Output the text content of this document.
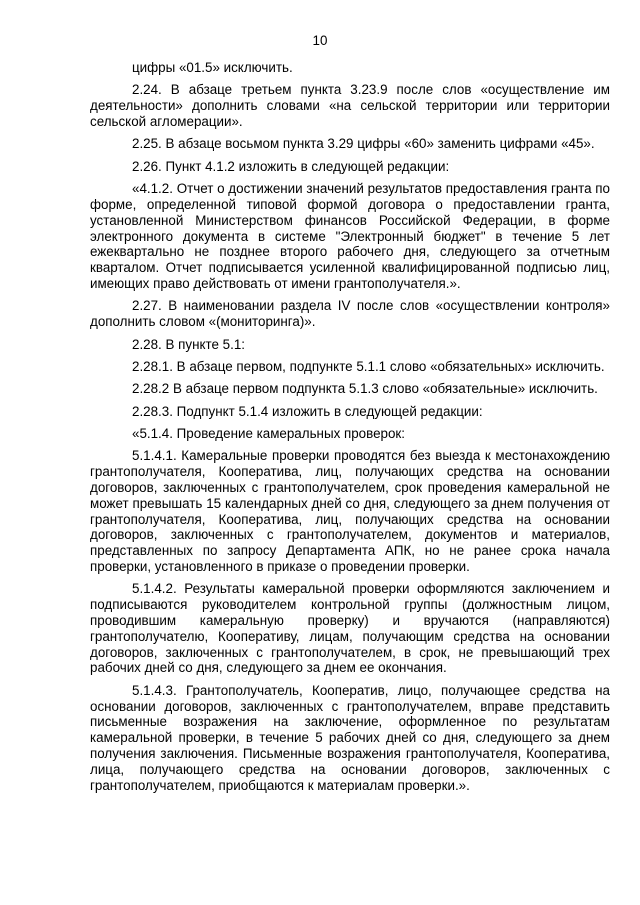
10

цифры «01.5» исключить.

2.24. В абзаце третьем пункта 3.23.9 после слов «осуществление им деятельности» дополнить словами «на сельской территории или территории сельской агломерации».

2.25. В абзаце восьмом пункта 3.29 цифры «60» заменить цифрами «45».

2.26. Пункт 4.1.2 изложить в следующей редакции:

«4.1.2. Отчет о достижении значений результатов предоставления гранта по форме, определенной типовой формой договора о предоставлении гранта, установленной Министерством финансов Российской Федерации, в форме электронного документа в системе "Электронный бюджет" в течение 5 лет ежеквартально не позднее второго рабочего дня, следующего за отчетным кварталом. Отчет подписывается усиленной квалифицированной подписью лиц, имеющих право действовать от имени грантополучателя.».

2.27. В наименовании раздела IV после слов «осуществлении контроля» дополнить словом «(мониторинга)».

2.28. В пункте 5.1:

2.28.1. В абзаце первом, подпункте 5.1.1 слово «обязательных» исключить.

2.28.2 В абзаце первом подпункта 5.1.3 слово «обязательные» исключить.

2.28.3. Подпункт 5.1.4 изложить в следующей редакции:

«5.1.4. Проведение камеральных проверок:

5.1.4.1. Камеральные проверки проводятся без выезда к местонахождению грантополучателя, Кооператива, лиц, получающих средства на основании договоров, заключенных с грантополучателем, срок проведения камеральной не может превышать 15 календарных дней со дня, следующего за днем получения от грантополучателя, Кооператива, лиц, получающих средства на основании договоров, заключенных с грантополучателем, документов и материалов, представленных по запросу Департамента АПК, но не ранее срока начала проверки, установленного в приказе о проведении проверки.

5.1.4.2. Результаты камеральной проверки оформляются заключением и подписываются руководителем контрольной группы (должностным лицом, проводившим камеральную проверку) и вручаются (направляются) грантополучателю, Кооперативу, лицам, получающим средства на основании договоров, заключенных с грантополучателем, в срок, не превышающий трех рабочих дней со дня, следующего за днем ее окончания.

5.1.4.3. Грантополучатель, Кооператив, лицо, получающее средства на основании договоров, заключенных с грантополучателем, вправе представить письменные возражения на заключение, оформленное по результатам камеральной проверки, в течение 5 рабочих дней со дня, следующего за днем получения заключения. Письменные возражения грантополучателя, Кооператива, лица, получающего средства на основании договоров, заключенных с грантополучателем, приобщаются к материалам проверки.».
